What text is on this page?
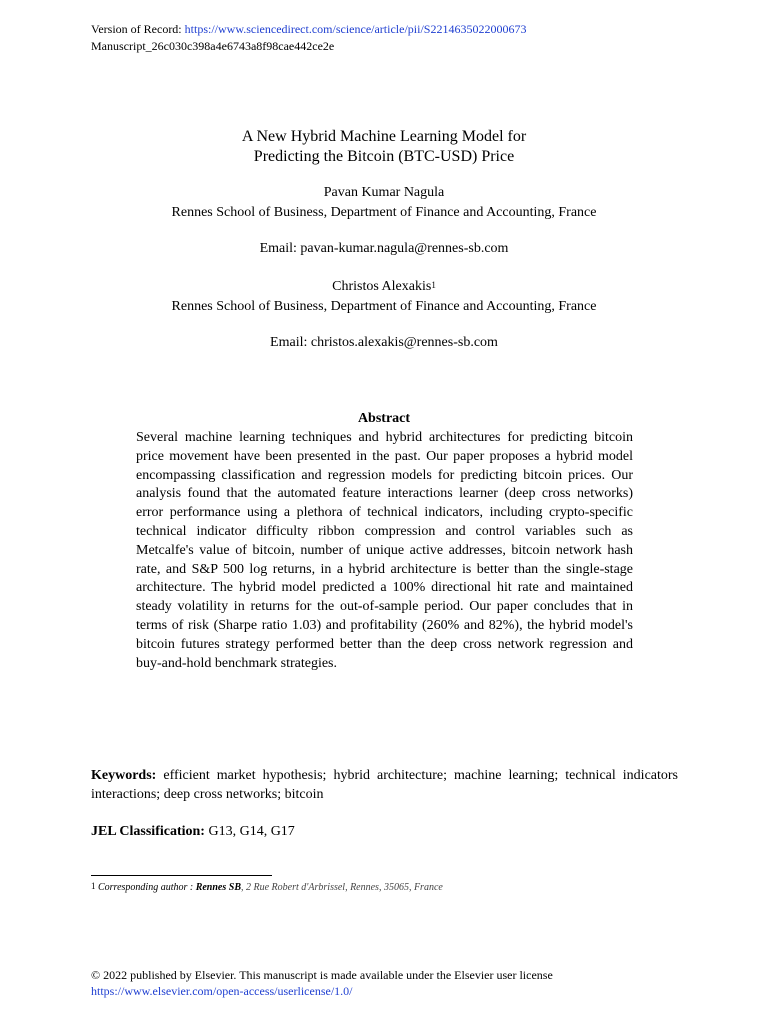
Version of Record: https://www.sciencedirect.com/science/article/pii/S2214635022000673
Manuscript_26c030c398a4e6743a8f98cae442ce2e
A New Hybrid Machine Learning Model for
Predicting the Bitcoin (BTC-USD) Price
Pavan Kumar Nagula
Rennes School of Business, Department of Finance and Accounting, France
Email: pavan-kumar.nagula@rennes-sb.com
Christos Alexakis$^1$
Rennes School of Business, Department of Finance and Accounting, France
Email: christos.alexakis@rennes-sb.com
Abstract
Several machine learning techniques and hybrid architectures for predicting bitcoin price movement have been presented in the past. Our paper proposes a hybrid model encompassing classification and regression models for predicting bitcoin prices. Our analysis found that the automated feature interactions learner (deep cross networks) error performance using a plethora of technical indicators, including crypto-specific technical indicator difficulty ribbon compression and control variables such as Metcalfe's value of bitcoin, number of unique active addresses, bitcoin network hash rate, and S&P 500 log returns, in a hybrid architecture is better than the single-stage architecture. The hybrid model predicted a 100% directional hit rate and maintained steady volatility in returns for the out-of-sample period. Our paper concludes that in terms of risk (Sharpe ratio 1.03) and profitability (260% and 82%), the hybrid model's bitcoin futures strategy performed better than the deep cross network regression and buy-and-hold benchmark strategies.
Keywords: efficient market hypothesis; hybrid architecture; machine learning; technical indicators interactions; deep cross networks; bitcoin
JEL Classification: G13, G14, G17
$^1$ Corresponding author : Rennes SB, 2 Rue Robert d'Arbrissel, Rennes, 35065, France
© 2022 published by Elsevier. This manuscript is made available under the Elsevier user license
https://www.elsevier.com/open-access/userlicense/1.0/
